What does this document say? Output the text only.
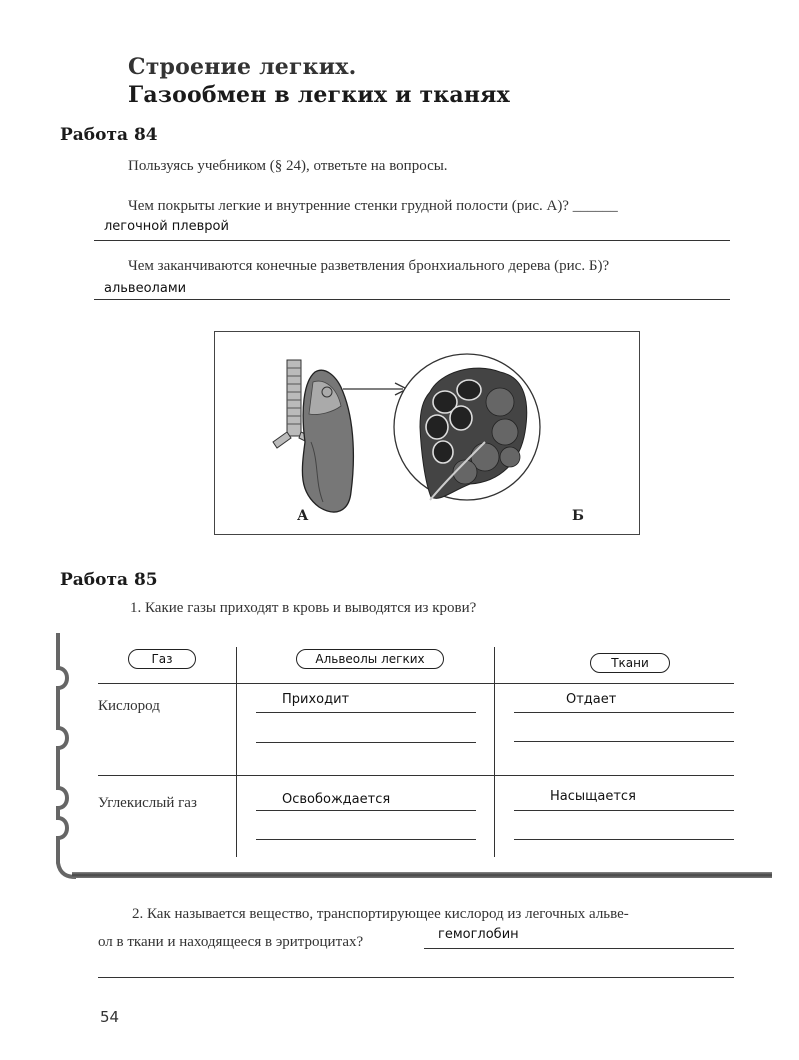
Строение легких.
Газообмен в легких и тканях
Работа 84
Пользуясь учебником (§ 24), ответьте на вопросы.
Чем покрыты легкие и внутренние стенки грудной полости (рис. А)? ______
легочной плеврой
Чем заканчиваются конечные разветвления бронхиального дерева (рис. Б)?
альвеолами
А	Б
Работа 85
1. Какие газы приходят в кровь и выводятся из крови?
Газ	Альвеолы легких	Ткани
Кислород	Приходит	Отдает
Углекислый газ	Освобождается	Насыщается
2. Как называется вещество, транспортирующее кислород из легочных альве-
ол в ткани и находящееся в эритроцитах?	гемоглобин
54
